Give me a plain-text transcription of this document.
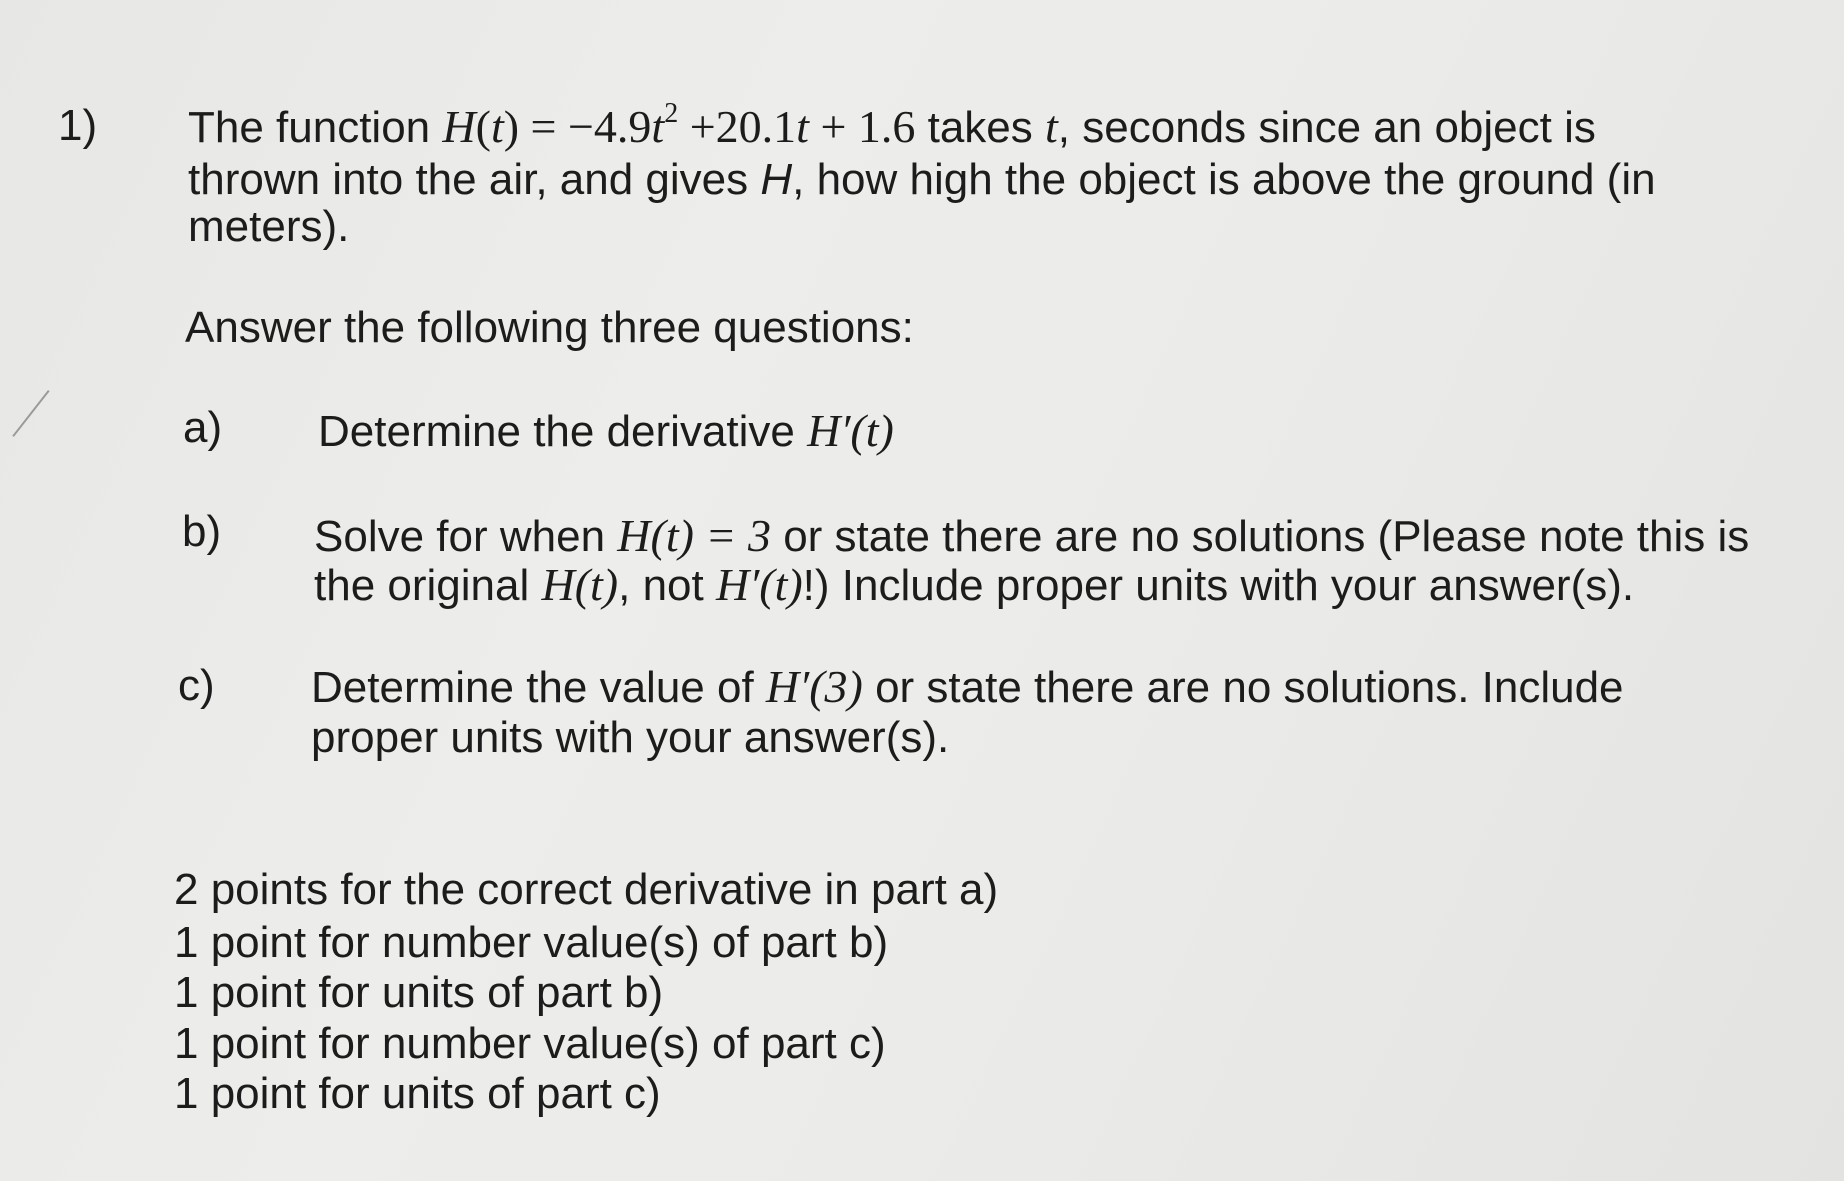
1) The function $H(t) = -4.9t^2 +20.1t + 1.6$ takes t, seconds since an object is
thrown into the air, and gives H, how high the object is above the ground (in
meters).
Answer the following three questions:
a) Determine the derivative H′(t)
b) Solve for when H(t) = 3 or state there are no solutions (Please note this is
the original H(t), not H′(t)!) Include proper units with your answer(s).
c) Determine the value of H′(3) or state there are no solutions. Include
proper units with your answer(s).
2 points for the correct derivative in part a)
1 point for number value(s) of part b)
1 point for units of part b)
1 point for number value(s) of part c)
1 point for units of part c)
